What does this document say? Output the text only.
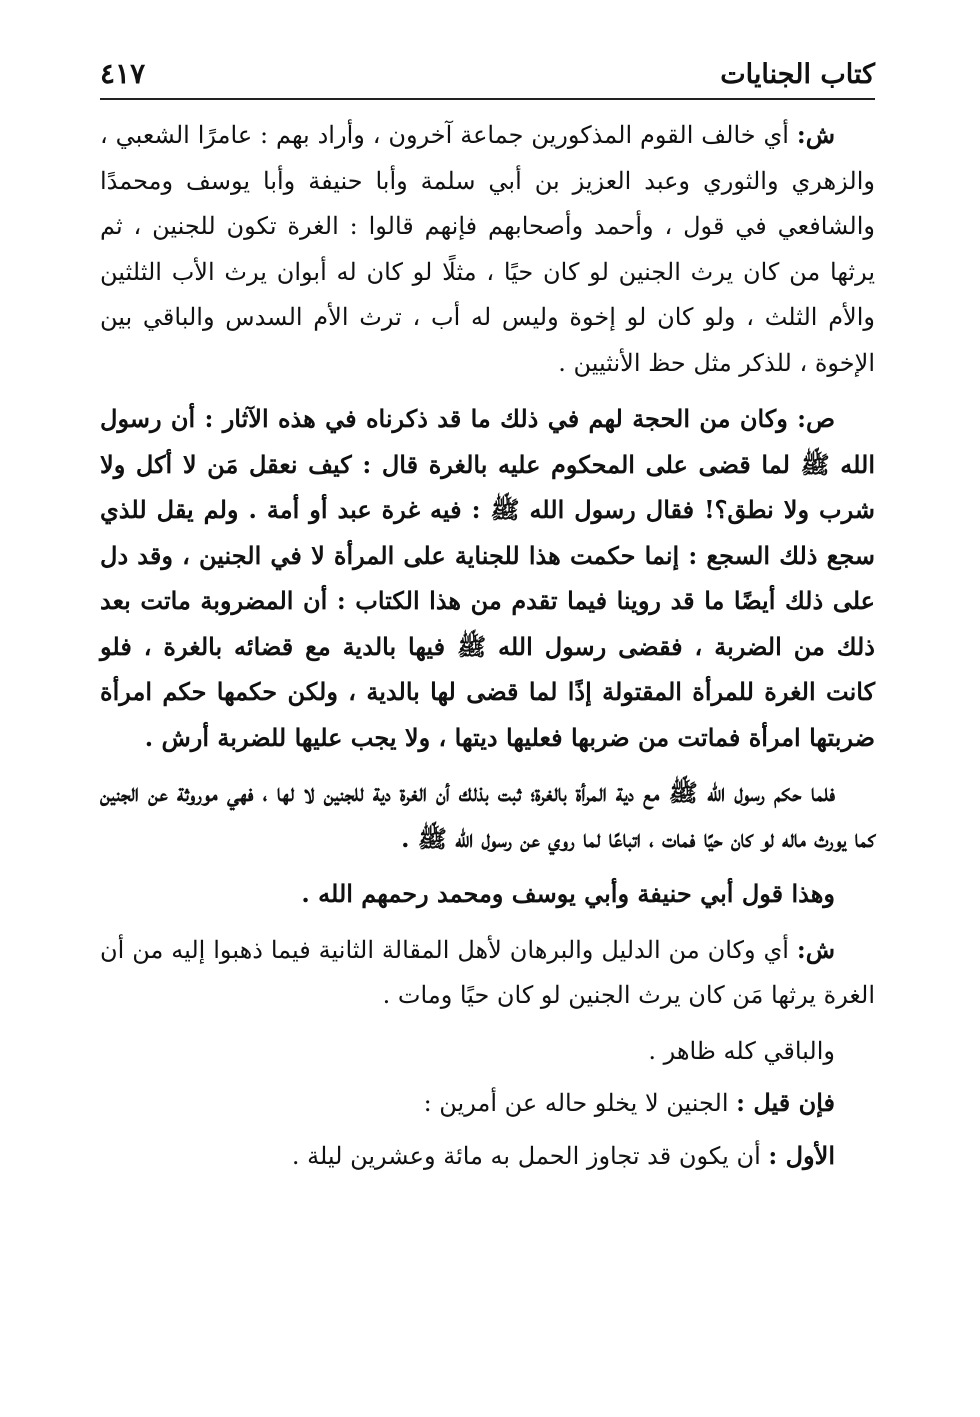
كتاب الجنايات
٤١٧

ش: أي خالف القوم المذكورين جماعة آخرون ، وأراد بهم : عامرًا الشعبي ، والزهري والثوري وعبد العزيز بن أبي سلمة وأبا حنيفة وأبا يوسف ومحمدًا والشافعي في قول ، وأحمد وأصحابهم فإنهم قالوا : الغرة تكون للجنين ، ثم يرثها من كان يرث الجنين لو كان حيًا ، مثلًا لو كان له أبوان يرث الأب الثلثين والأم الثلث ، ولو كان لو إخوة وليس له أب ، ترث الأم السدس والباقي بين الإخوة ، للذكر مثل حظ الأنثيين .

ص: وكان من الحجة لهم في ذلك ما قد ذكرناه في هذه الآثار : أن رسول الله ﷺ لما قضى على المحكوم عليه بالغرة قال : كيف نعقل مَن لا أكل ولا شرب ولا نطق؟! فقال رسول الله ﷺ : فيه غرة عبد أو أمة . ولم يقل للذي سجع ذلك السجع : إنما حكمت هذا للجناية على المرأة لا في الجنين ، وقد دل على ذلك أيضًا ما قد روينا فيما تقدم من هذا الكتاب : أن المضروبة ماتت بعد ذلك من الضربة ، فقضى رسول الله ﷺ فيها بالدية مع قضائه بالغرة ، فلو كانت الغرة للمرأة المقتولة إذًا لما قضى لها بالدية ، ولكن حكمها حكم امرأة ضربتها امرأة فماتت من ضربها فعليها ديتها ، ولا يجب عليها للضربة أرش .

فلما حكم رسول الله ﷺ مع دية المرأة بالغرة؛ ثبت بذلك أن الغرة دية للجنين لا لها ، فهي موروثة عن الجنين كما يورث ماله لو كان حيًا فمات ، اتباعًا لما روي عن رسول الله ﷺ .

وهذا قول أبي حنيفة وأبي يوسف ومحمد رحمهم الله .

ش: أي وكان من الدليل والبرهان لأهل المقالة الثانية فيما ذهبوا إليه من أن الغرة يرثها مَن كان يرث الجنين لو كان حيًا ومات .

والباقي كله ظاهر .

فإن قيل : الجنين لا يخلو حاله عن أمرين :

الأول : أن يكون قد تجاوز الحمل به مائة وعشرين ليلة .
